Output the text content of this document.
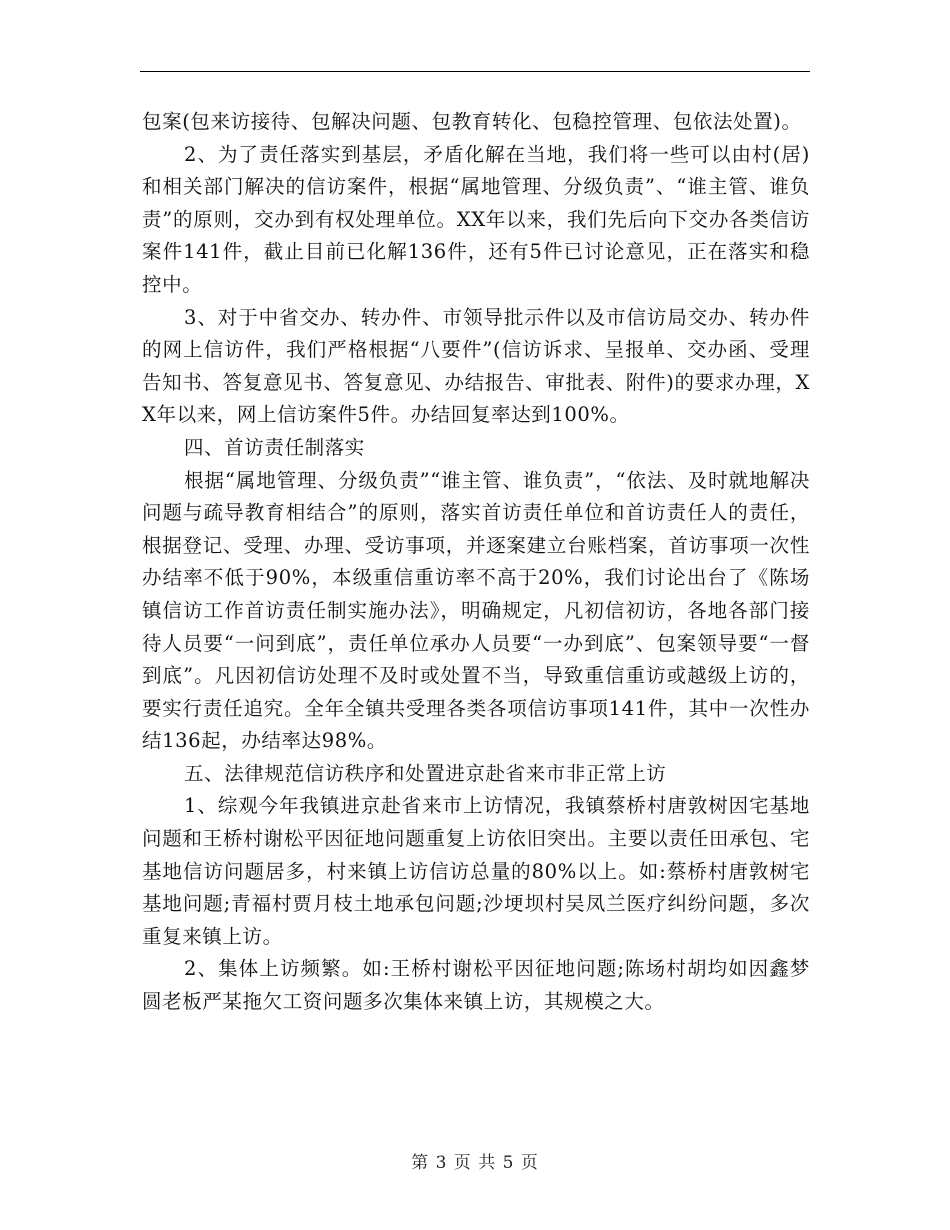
包案(包来访接待、包解决问题、包教育转化、包稳控管理、包依法处置)。

2、为了责任落实到基层，矛盾化解在当地，我们将一些可以由村(居)和相关部门解决的信访案件，根据“属地管理、分级负责”、“谁主管、谁负责”的原则，交办到有权处理单位。XX年以来，我们先后向下交办各类信访案件141件，截止目前已化解136件，还有5件已讨论意见，正在落实和稳控中。

3、对于中省交办、转办件、市领导批示件以及市信访局交办、转办件的网上信访件，我们严格根据“八要件”(信访诉求、呈报单、交办函、受理告知书、答复意见书、答复意见、办结报告、审批表、附件)的要求办理，XX年以来，网上信访案件5件。办结回复率达到100%。

四、首访责任制落实

根据“属地管理、分级负责”“谁主管、谁负责”，“依法、及时就地解决问题与疏导教育相结合”的原则，落实首访责任单位和首访责任人的责任，根据登记、受理、办理、受访事项，并逐案建立台账档案，首访事项一次性办结率不低于90%，本级重信重访率不高于20%，我们讨论出台了《陈场镇信访工作首访责任制实施办法》，明确规定，凡初信初访，各地各部门接待人员要“一问到底”，责任单位承办人员要“一办到底”、包案领导要“一督到底”。凡因初信访处理不及时或处置不当，导致重信重访或越级上访的，要实行责任追究。全年全镇共受理各类各项信访事项141件，其中一次性办结136起，办结率达98%。

五、法律规范信访秩序和处置进京赴省来市非正常上访

1、综观今年我镇进京赴省来市上访情况，我镇蔡桥村唐敦树因宅基地问题和王桥村谢松平因征地问题重复上访依旧突出。主要以责任田承包、宅基地信访问题居多，村来镇上访信访总量的80%以上。如:蔡桥村唐敦树宅基地问题;青福村贾月枝土地承包问题;沙埂坝村吴凤兰医疗纠纷问题，多次重复来镇上访。

2、集体上访频繁。如:王桥村谢松平因征地问题;陈场村胡均如因鑫梦圆老板严某拖欠工资问题多次集体来镇上访，其规模之大。

第 3 页 共 5 页
